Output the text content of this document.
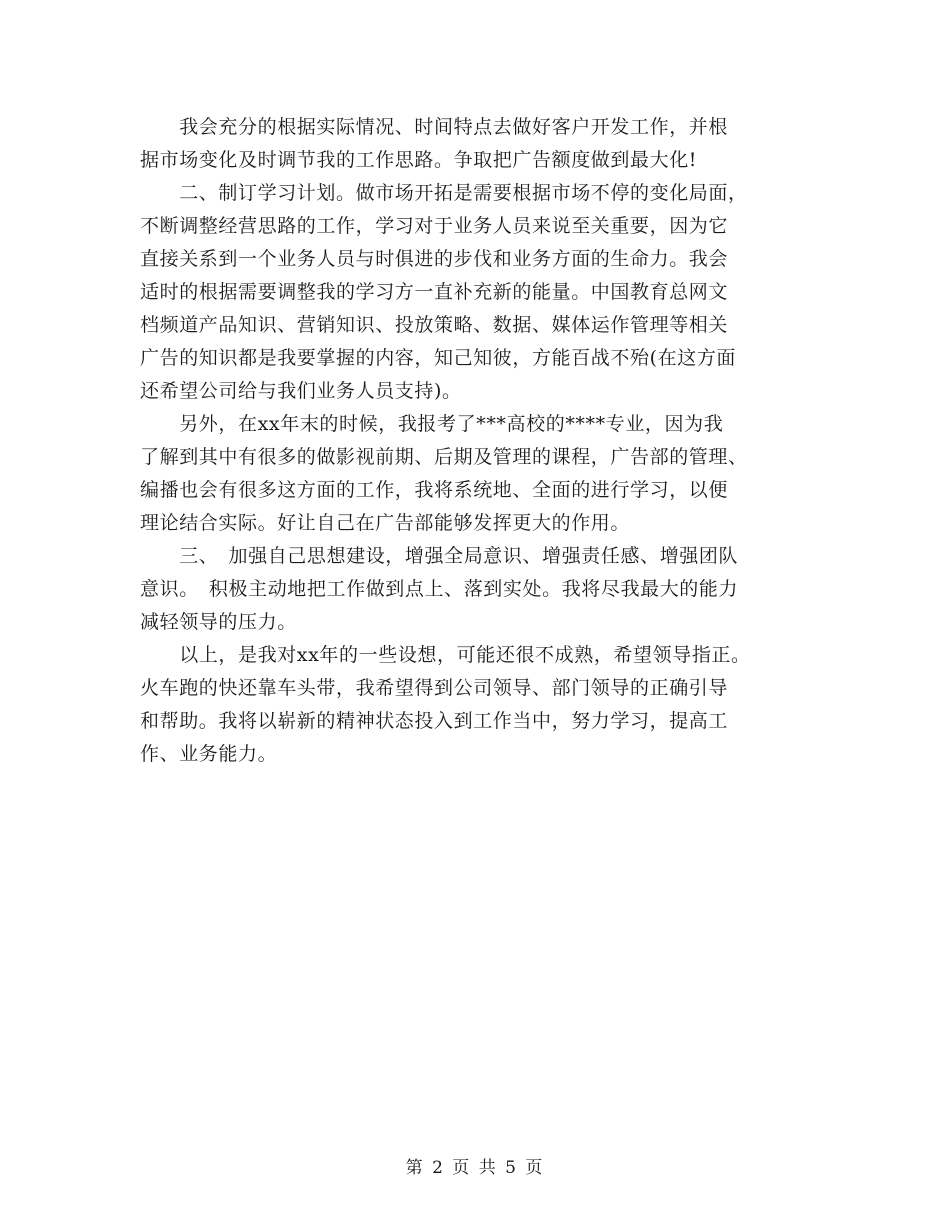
　　我会充分的根据实际情况、时间特点去做好客户开发工作，并根
据市场变化及时调节我的工作思路。争取把广告额度做到最大化!
　　二、制订学习计划。做市场开拓是需要根据市场不停的变化局面，
不断调整经营思路的工作，学习对于业务人员来说至关重要，因为它
直接关系到一个业务人员与时俱进的步伐和业务方面的生命力。我会
适时的根据需要调整我的学习方一直补充新的能量。中国教育总网文
档频道产品知识、营销知识、投放策略、数据、媒体运作管理等相关
广告的知识都是我要掌握的内容，知己知彼，方能百战不殆(在这方面
还希望公司给与我们业务人员支持)。
　　另外，在xx年末的时候，我报考了***高校的****专业，因为我
了解到其中有很多的做影视前期、后期及管理的课程，广告部的管理、
编播也会有很多这方面的工作，我将系统地、全面的进行学习，以便
理论结合实际。好让自己在广告部能够发挥更大的作用。
　　三、　加强自己思想建设，增强全局意识、增强责任感、增强团队
意识。　积极主动地把工作做到点上、落到实处。我将尽我最大的能力
减轻领导的压力。
　　以上，是我对xx年的一些设想，可能还很不成熟，希望领导指正。
火车跑的快还靠车头带，我希望得到公司领导、部门领导的正确引导
和帮助。我将以崭新的精神状态投入到工作当中，努力学习，提高工
作、业务能力。
第 2 页 共 5 页
